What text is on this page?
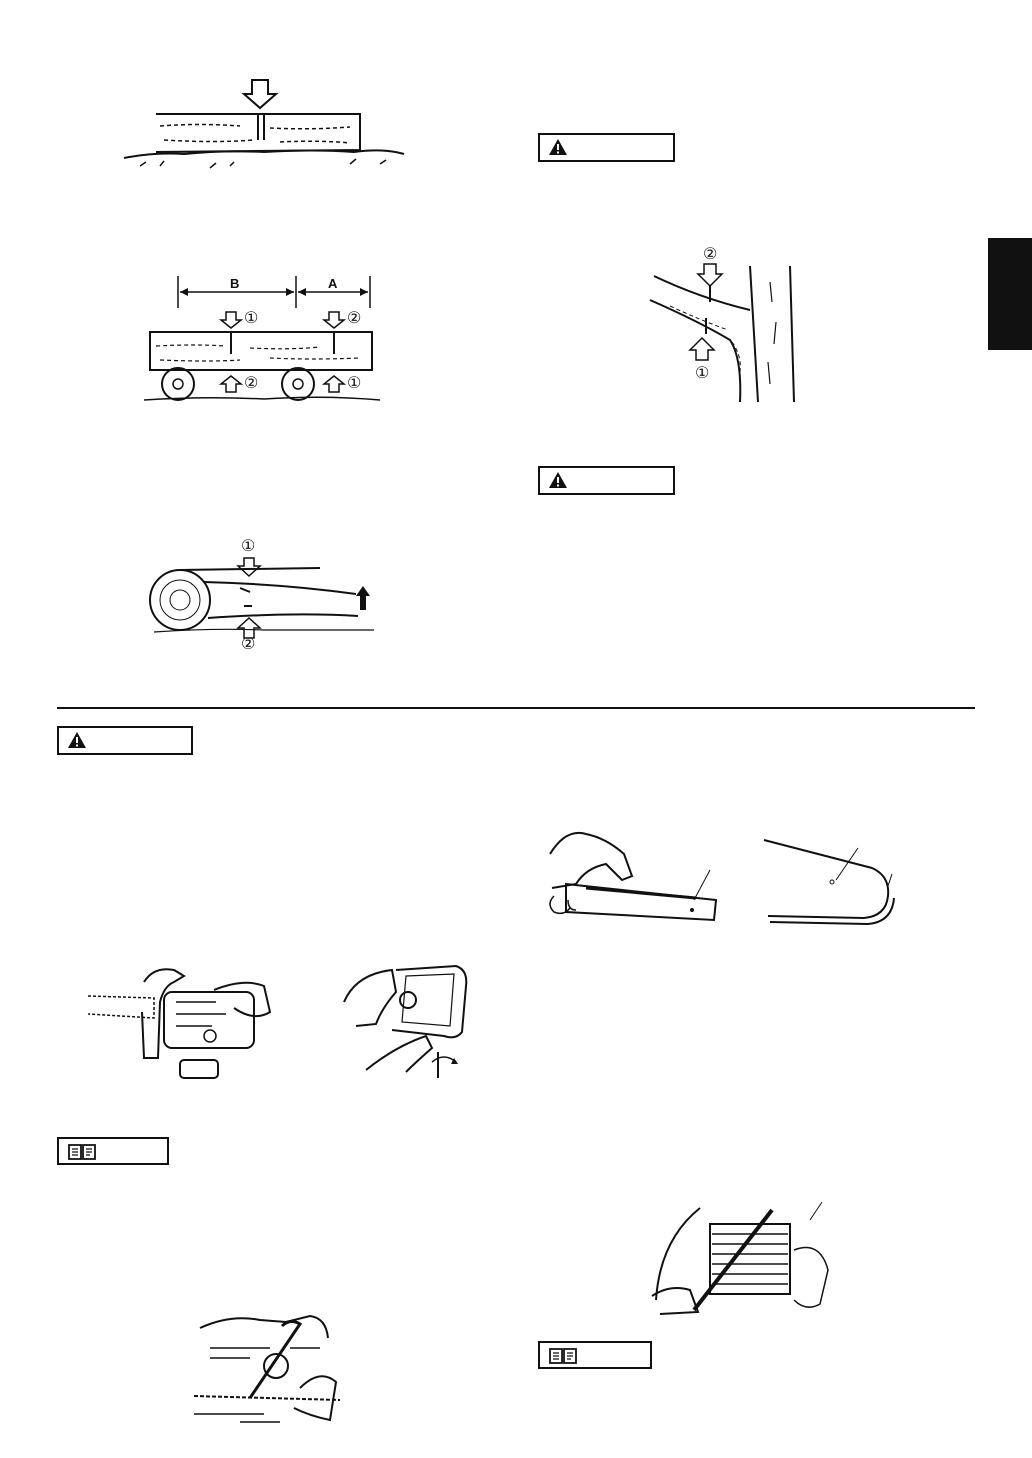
B	A
①	②
②	①
①
②
②
①
